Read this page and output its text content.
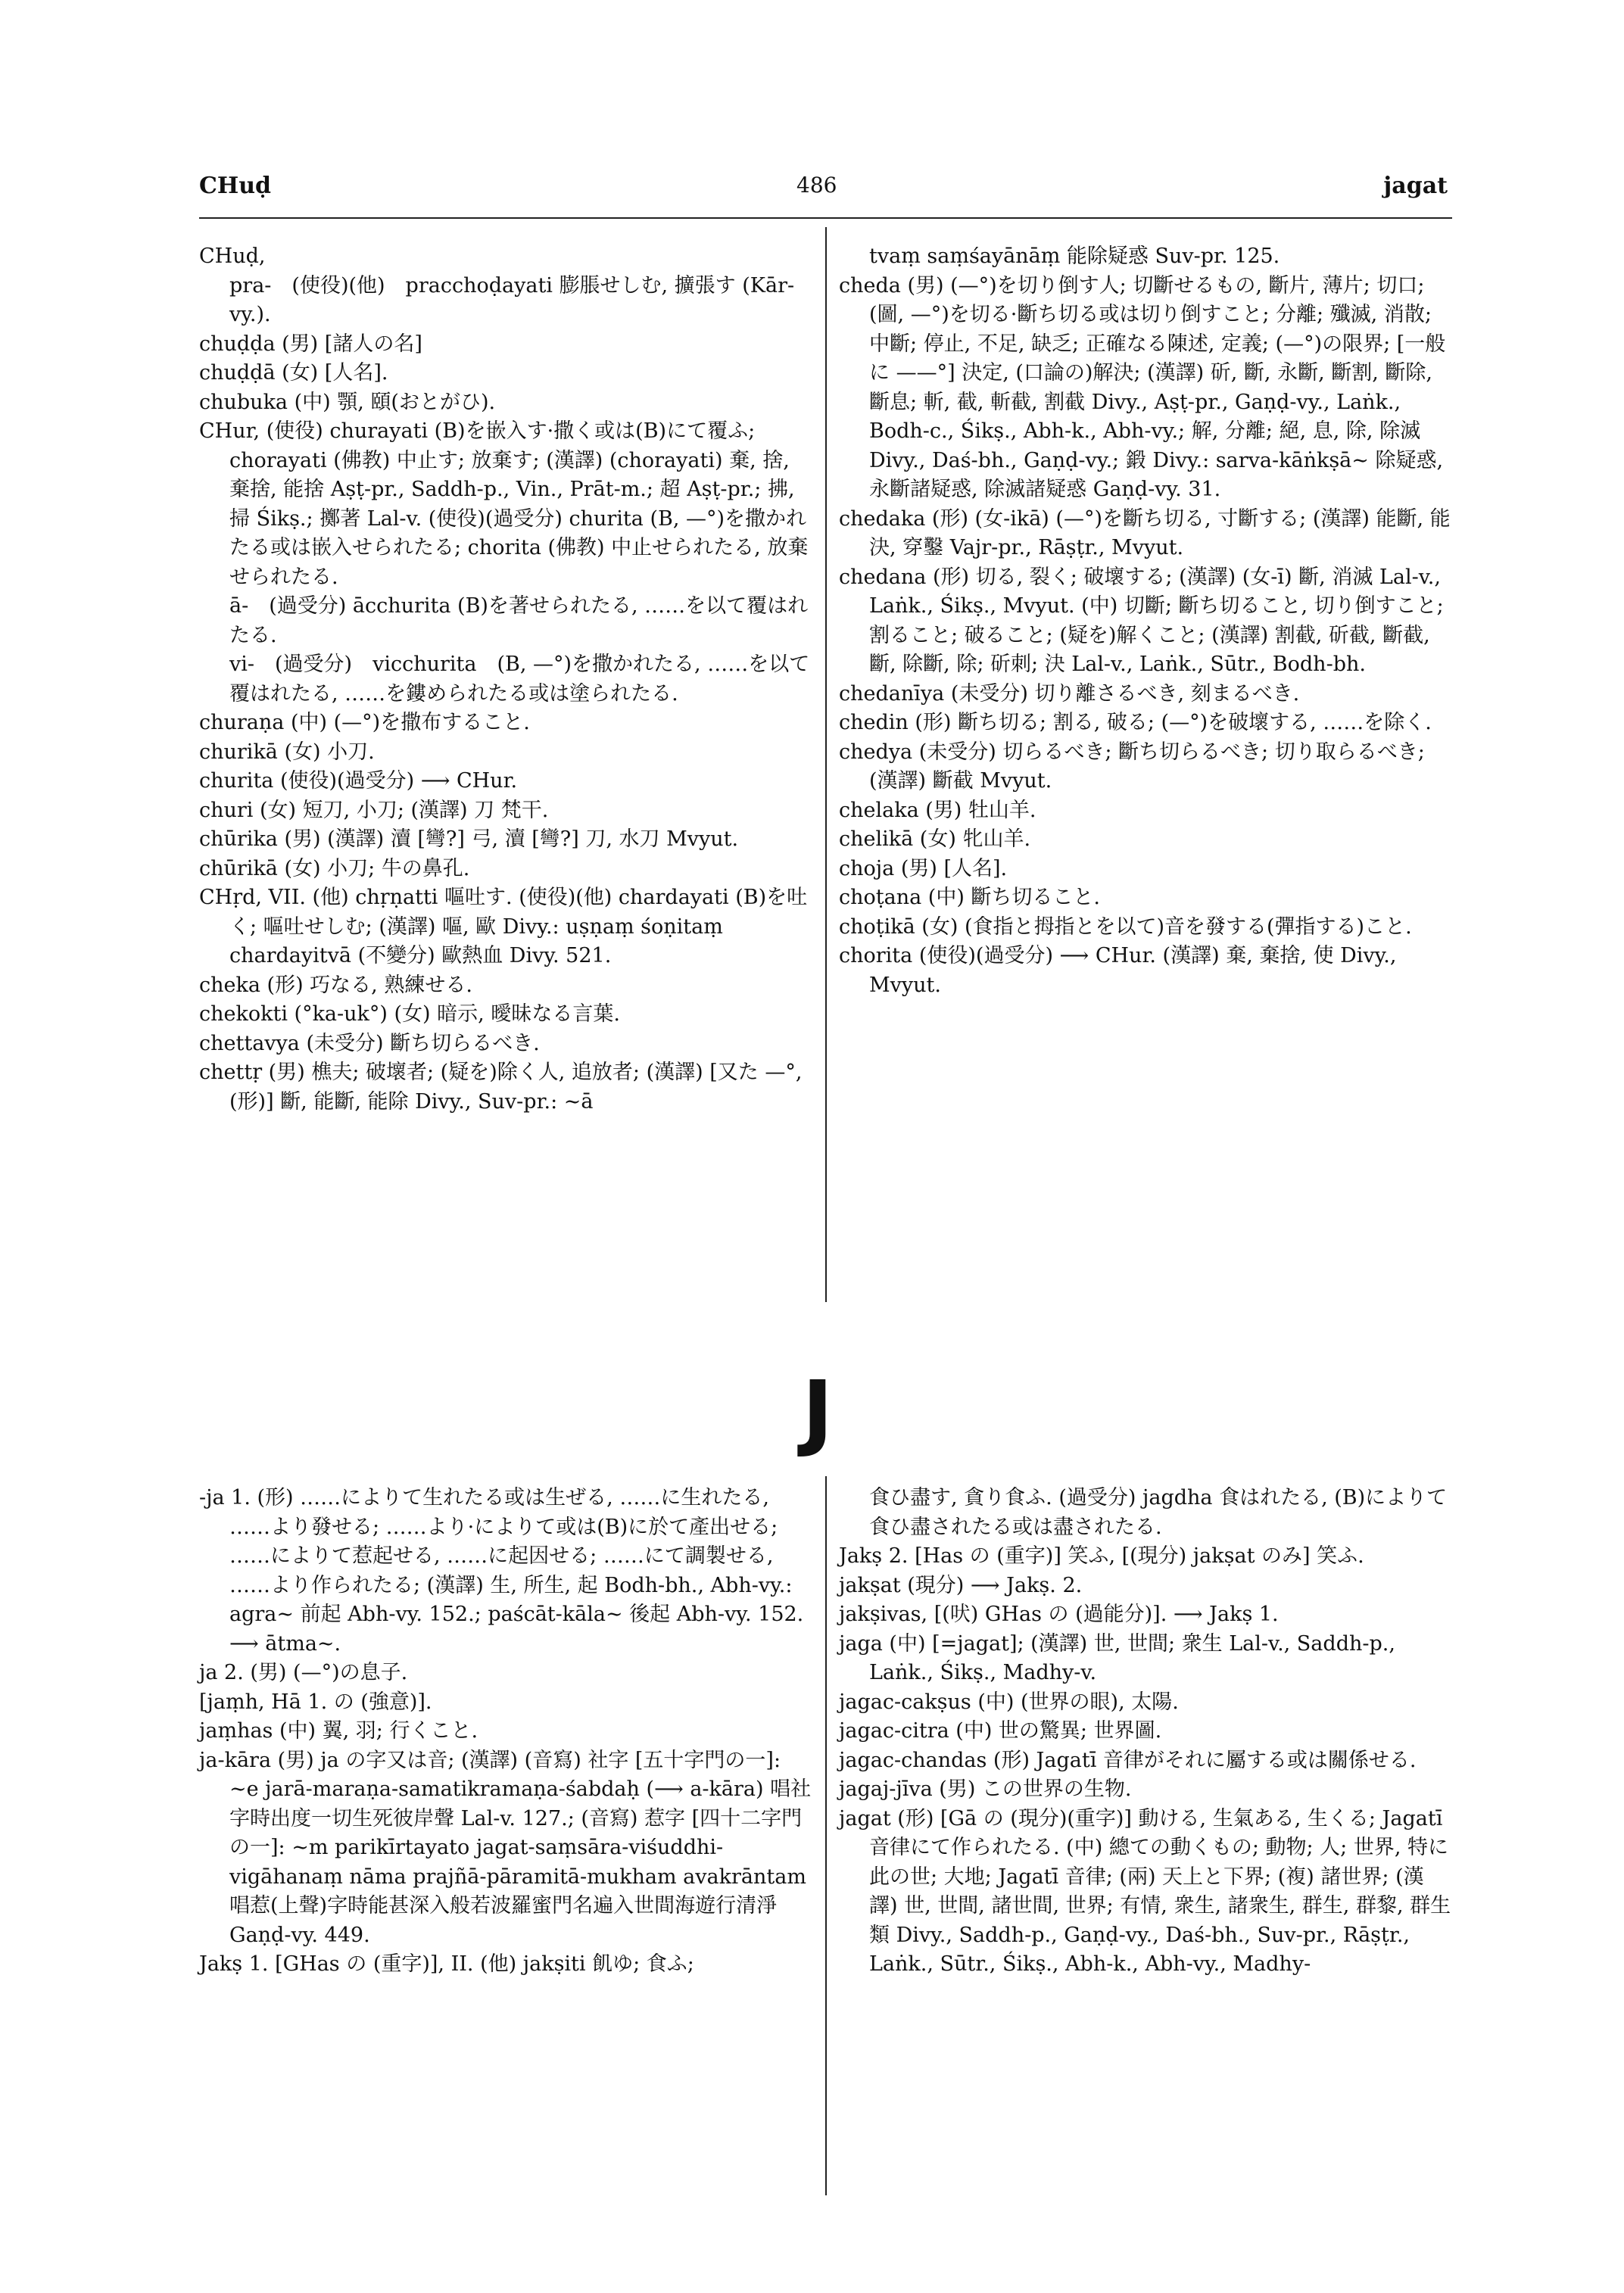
CHuḍ	486	jagat

CHuḍ,

pra-　(使役)(他)　pracchoḍayati 膨脹せしむ, 擴張す (Kār-vy.).

chuḍḍa (男) [諸人の名]

chuḍḍā (女) [人名].

chubuka (中) 顎, 頤(おとがひ).

CHur, (使役) churayati (B)を嵌入す·撒く或は(B)にて覆ふ; chorayati (佛教) 中止す; 放棄す; (漢譯) (chorayati) 棄, 捨, 棄捨, 能捨 Aṣṭ-pr., Saddh-p., Vin., Prāt-m.; 超 Aṣṭ-pr.; 拂, 掃 Śikṣ.; 擲著 Lal-v. (使役)(過受分) churita (B, —°)を撒かれたる或は嵌入せられたる; chorita (佛教) 中止せられたる, 放棄せられたる.

ā-　(過受分) ācchurita (B)を著せられたる, ……を以て覆はれたる.

vi-　(過受分)　vicchurita　(B, —°)を撒かれたる, ……を以て覆はれたる, ……を鏤められたる或は塗られたる.

churaṇa (中) (—°)を撒布すること.

churikā (女) 小刀.

churita (使役)(過受分) ⟶ CHur.

churi (女) 短刀, 小刀; (漢譯) 刀 梵干.

chūrika (男) (漢譯) 瀆 [彎?] 弓, 瀆 [彎?] 刀, 水刀 Mvyut.

chūrikā (女) 小刀; 牛の鼻孔.

CHṛd, VII. (他) chṛṇatti 嘔吐す. (使役)(他) chardayati (B)を吐く; 嘔吐せしむ; (漢譯) 嘔, 歐 Divy.: uṣṇaṃ śoṇitaṃ chardayitvā (不變分) 歐熱血 Divy. 521.

cheka (形) 巧なる, 熟練せる.

chekokti (°ka-uk°) (女) 暗示, 曖昧なる言葉.

chettavya (未受分) 斷ち切らるべき.

chettṛ (男) 樵夫; 破壞者; (疑を)除く人, 追放者; (漢譯) [又た —°, (形)] 斷, 能斷, 能除 Divy., Suv-pr.: ∼ā

tvaṃ saṃśayānāṃ 能除疑惑 Suv-pr. 125.

cheda (男) (—°)を切り倒す人; 切斷せるもの, 斷片, 薄片; 切口; (圖, —°)を切る·斷ち切る或は切り倒すこと; 分離; 殲滅, 消散; 中斷; 停止, 不足, 缺乏; 正確なる陳述, 定義; (—°)の限界; [一般に ——°] 決定, (口論の)解決; (漢譯) 斫, 斷, 永斷, 斷割, 斷除, 斷息; 斬, 截, 斬截, 割截 Divy., Aṣṭ-pr., Gaṇḍ-vy., Laṅk., Bodh-c., Śikṣ., Abh-k., Abh-vy.; 解, 分離; 絕, 息, 除, 除滅 Divy., Daś-bh., Gaṇḍ-vy.; 鍛 Divy.: sarva-kāṅkṣā∼ 除疑惑, 永斷諸疑惑, 除滅諸疑惑 Gaṇḍ-vy. 31.

chedaka (形) (女-ikā) (—°)を斷ち切る, 寸斷する; (漢譯) 能斷, 能決, 穿鑿 Vajr-pr., Rāṣṭr., Mvyut.

chedana (形) 切る, 裂く; 破壞する; (漢譯) (女-ī) 斷, 消滅 Lal-v., Laṅk., Śikṣ., Mvyut. (中) 切斷; 斷ち切ること, 切り倒すこと; 割ること; 破ること; (疑を)解くこと; (漢譯) 割截, 斫截, 斷截, 斷, 除斷, 除; 斫刺; 決 Lal-v., Laṅk., Sūtr., Bodh-bh.

chedanīya (未受分) 切り離さるべき, 刻まるべき.

chedin (形) 斷ち切る; 割る, 破る; (—°)を破壞する, ……を除く.

chedya (未受分) 切らるべき; 斷ち切らるべき; 切り取らるべき; (漢譯) 斷截 Mvyut.

chelaka (男) 牡山羊.

chelikā (女) 牝山羊.

choja (男) [人名].

choṭana (中) 斷ち切ること.

choṭikā (女) (食指と拇指とを以て)音を發する(彈指する)こと.

chorita (使役)(過受分) ⟶ CHur. (漢譯) 棄, 棄捨, 使 Divy., Mvyut.

J

-ja 1. (形) ……によりて生れたる或は生ぜる, ……に生れたる, ……より發せる; ……より·によりて或は(B)に於て產出せる; ……によりて惹起せる, ……に起因せる; ……にて調製せる, ……より作られたる; (漢譯) 生, 所生, 起 Bodh-bh., Abh-vy.: agra∼ 前起 Abh-vy. 152.; paścāt-kāla∼ 後起 Abh-vy. 152. ⟶ ātma∼.

ja 2. (男) (—°)の息子.

[jaṃh, Hā 1. の (強意)].

jaṃhas (中) 翼, 羽; 行くこと.

ja-kāra (男) ja の字又は音; (漢譯) (音寫) 社字 [五十字門の一]: ∼e jarā-maraṇa-samatikramaṇa-śabdaḥ (⟶ a-kāra) 唱社字時出度一切生死彼岸聲 Lal-v. 127.; (音寫) 惹字 [四十二字門の一]: ∼m parikīrtayato jagat-saṃsāra-viśuddhi-vigāhanaṃ nāma prajñā-pāramitā-mukham avakrāntam 唱惹(上聲)字時能甚深入般若波羅蜜門名遍入世間海遊行清淨 Gaṇḍ-vy. 449.

Jakṣ 1. [GHas の (重字)], II. (他) jakṣiti 飢ゆ; 食ふ;

食ひ盡す, 貪り食ふ. (過受分) jagdha 食はれたる, (B)によりて食ひ盡されたる或は盡されたる.

Jakṣ 2. [Has の (重字)] 笑ふ, [(現分) jakṣat のみ] 笑ふ.

jakṣat (現分) ⟶ Jakṣ. 2.

jakṣivas, [(吠) GHas の (過能分)]. ⟶ Jakṣ 1.

jaga (中) [=jagat]; (漢譯) 世, 世間; 衆生 Lal-v., Saddh-p., Laṅk., Śikṣ., Madhy-v.

jagac-cakṣus (中) (世界の眼), 太陽.

jagac-citra (中) 世の驚異; 世界圖.

jagac-chandas (形) Jagatī 音律がそれに屬する或は關係せる.

jagaj-jīva (男) この世界の生物.

jagat (形) [Gā の (現分)(重字)] 動ける, 生氣ある, 生くる; Jagatī 音律にて作られたる. (中) 總ての動くもの; 動物; 人; 世界, 特に此の世; 大地; Jagatī 音律; (兩) 天上と下界; (複) 諸世界; (漢譯) 世, 世間, 諸世間, 世界; 有情, 衆生, 諸衆生, 群生, 群黎, 群生類 Divy., Saddh-p., Gaṇḍ-vy., Daś-bh., Suv-pr., Rāṣṭr., Laṅk., Sūtr., Śikṣ., Abh-k., Abh-vy., Madhy-
